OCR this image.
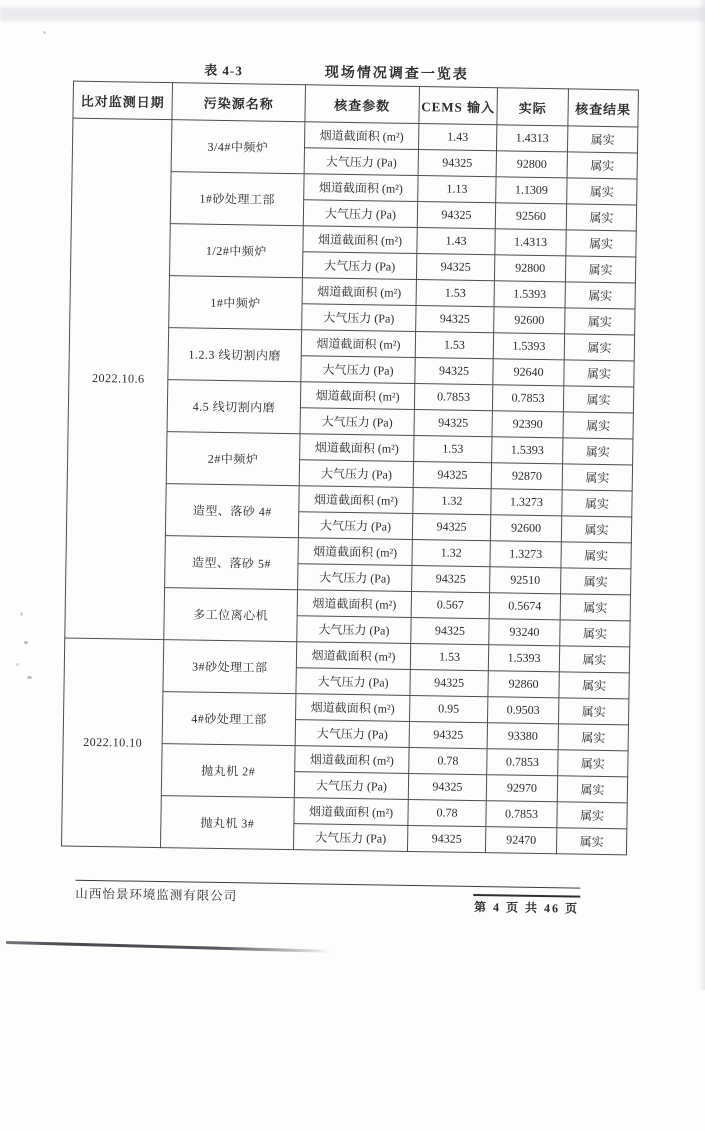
表 4-3	现场情况调查一览表
比对监测日期	污染源名称	核查参数	CEMS 输入	实际	核查结果
2022.10.6	3/4#中频炉	烟道截面积 (m²)	1.43	1.4313	属实
		大气压力 (Pa)	94325	92800	属实
	1#砂处理工部	烟道截面积 (m²)	1.13	1.1309	属实
		大气压力 (Pa)	94325	92560	属实
	1/2#中频炉	烟道截面积 (m²)	1.43	1.4313	属实
		大气压力 (Pa)	94325	92800	属实
	1#中频炉	烟道截面积 (m²)	1.53	1.5393	属实
		大气压力 (Pa)	94325	92600	属实
	1.2.3 线切割内磨	烟道截面积 (m²)	1.53	1.5393	属实
		大气压力 (Pa)	94325	92640	属实
	4.5 线切割内磨	烟道截面积 (m²)	0.7853	0.7853	属实
		大气压力 (Pa)	94325	92390	属实
	2#中频炉	烟道截面积 (m²)	1.53	1.5393	属实
		大气压力 (Pa)	94325	92870	属实
	造型、落砂 4#	烟道截面积 (m²)	1.32	1.3273	属实
		大气压力 (Pa)	94325	92600	属实
	造型、落砂 5#	烟道截面积 (m²)	1.32	1.3273	属实
		大气压力 (Pa)	94325	92510	属实
	多工位离心机	烟道截面积 (m²)	0.567	0.5674	属实
		大气压力 (Pa)	94325	93240	属实
2022.10.10	3#砂处理工部	烟道截面积 (m²)	1.53	1.5393	属实
		大气压力 (Pa)	94325	92860	属实
	4#砂处理工部	烟道截面积 (m²)	0.95	0.9503	属实
		大气压力 (Pa)	94325	93380	属实
	抛丸机 2#	烟道截面积 (m²)	0.78	0.7853	属实
		大气压力 (Pa)	94325	92970	属实
	抛丸机 3#	烟道截面积 (m²)	0.78	0.7853	属实
		大气压力 (Pa)	94325	92470	属实
山西怡景环境监测有限公司
第 4 页 共 46 页
